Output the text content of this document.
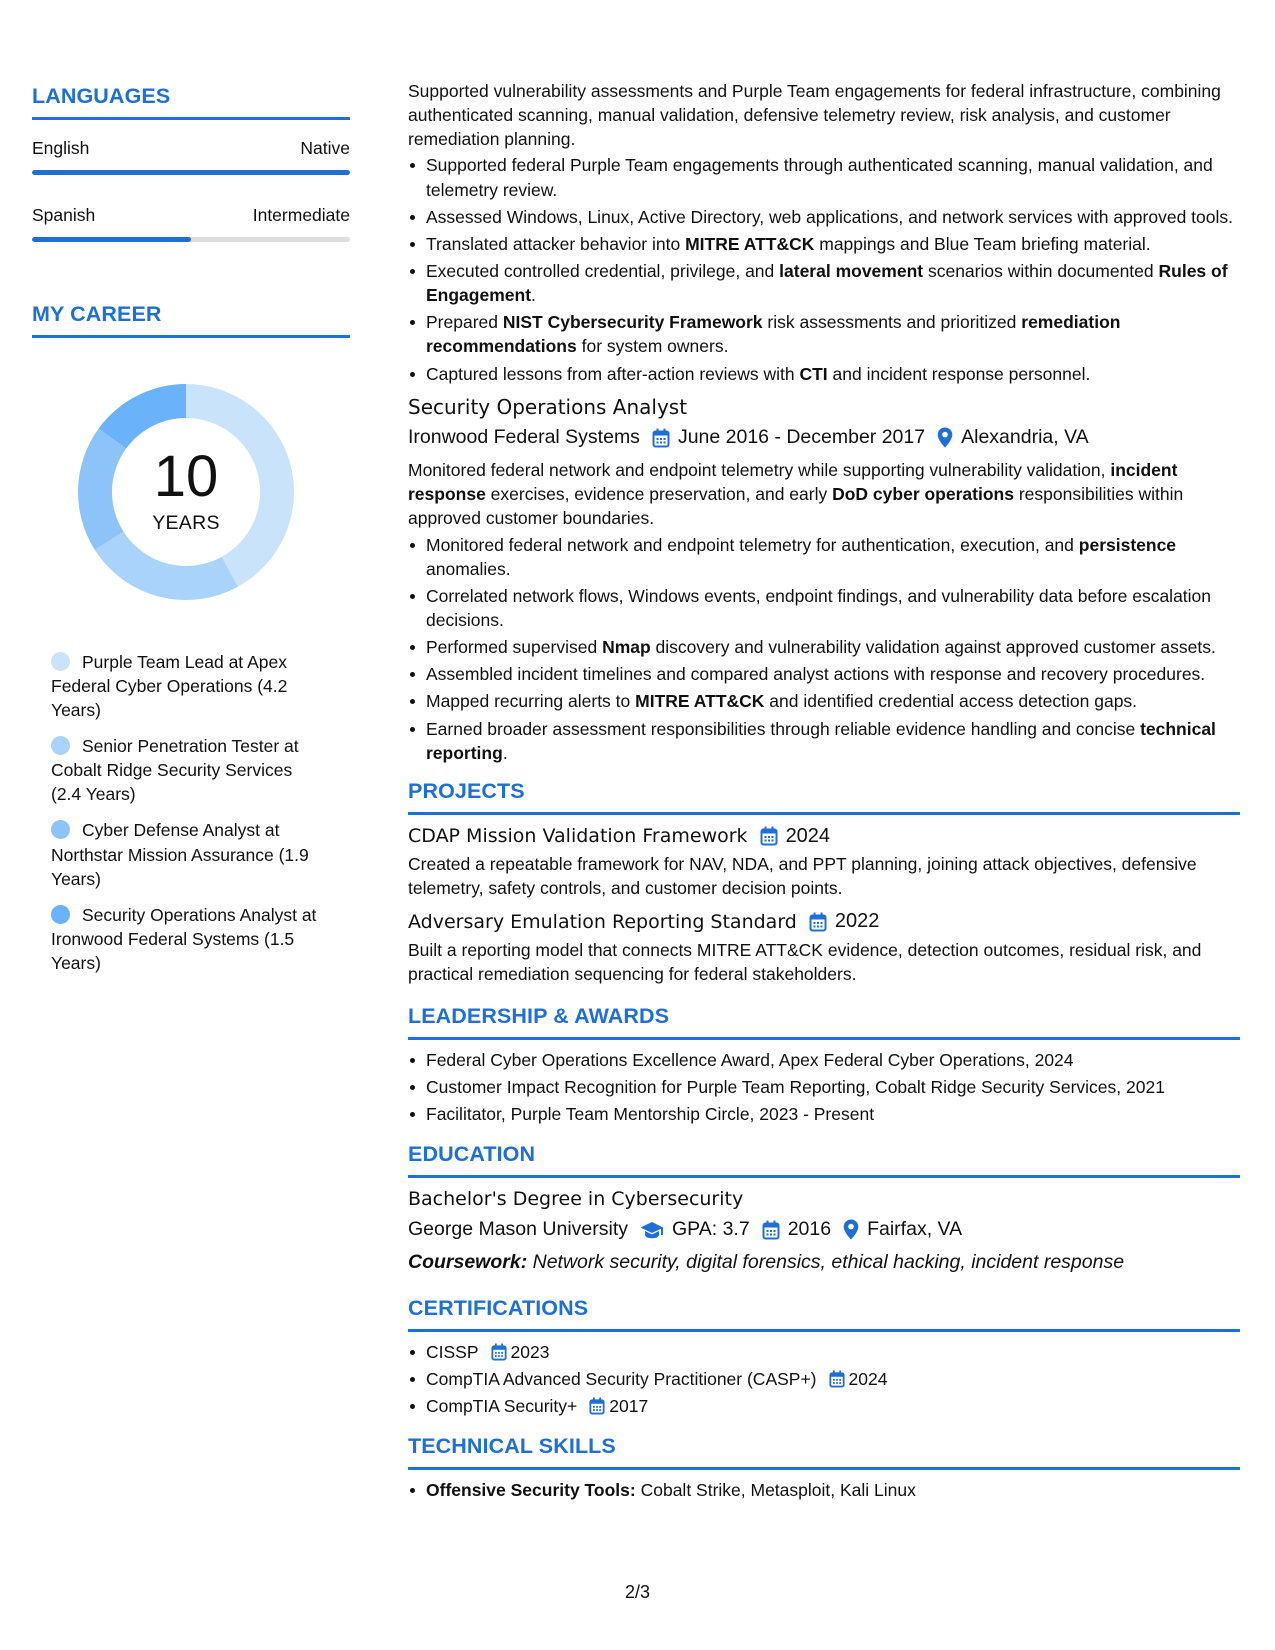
LANGUAGES
English	Native
Spanish	Intermediate
MY CAREER
10
YEARS
Purple Team Lead at Apex Federal Cyber Operations (4.2 Years)
Senior Penetration Tester at Cobalt Ridge Security Services (2.4 Years)
Cyber Defense Analyst at Northstar Mission Assurance (1.9 Years)
Security Operations Analyst at Ironwood Federal Systems (1.5 Years)

Supported vulnerability assessments and Purple Team engagements for federal infrastructure, combining authenticated scanning, manual validation, defensive telemetry review, risk analysis, and customer remediation planning.

Supported federal Purple Team engagements through authenticated scanning, manual validation, and telemetry review.
Assessed Windows, Linux, Active Directory, web applications, and network services with approved tools.
Translated attacker behavior into MITRE ATT&CK mappings and Blue Team briefing material.
Executed controlled credential, privilege, and lateral movement scenarios within documented Rules of Engagement.
Prepared NIST Cybersecurity Framework risk assessments and prioritized remediation recommendations for system owners.
Captured lessons from after-action reviews with CTI and incident response personnel.
Security Operations Analyst
Ironwood Federal Systems June 2016 - December 2017 Alexandria, VA

Monitored federal network and endpoint telemetry while supporting vulnerability validation, incident response exercises, evidence preservation, and early DoD cyber operations responsibilities within approved customer boundaries.

Monitored federal network and endpoint telemetry for authentication, execution, and persistence anomalies.
Correlated network flows, Windows events, endpoint findings, and vulnerability data before escalation decisions.
Performed supervised Nmap discovery and vulnerability validation against approved customer assets.
Assembled incident timelines and compared analyst actions with response and recovery procedures.
Mapped recurring alerts to MITRE ATT&CK and identified credential access detection gaps.
Earned broader assessment responsibilities through reliable evidence handling and concise technical reporting.
PROJECTS
CDAP Mission Validation Framework 2024
Created a repeatable framework for NAV, NDA, and PPT planning, joining attack objectives, defensive telemetry, safety controls, and customer decision points.
Adversary Emulation Reporting Standard 2022
Built a reporting model that connects MITRE ATT&CK evidence, detection outcomes, residual risk, and practical remediation sequencing for federal stakeholders.
LEADERSHIP & AWARDS
Federal Cyber Operations Excellence Award, Apex Federal Cyber Operations, 2024
Customer Impact Recognition for Purple Team Reporting, Cobalt Ridge Security Services, 2021
Facilitator, Purple Team Mentorship Circle, 2023 - Present
EDUCATION
Bachelor's Degree in Cybersecurity
George Mason University GPA: 3.7 2016 Fairfax, VA
Coursework: Network security, digital forensics, ethical hacking, incident response
CERTIFICATIONS
CISSP 2023
CompTIA Advanced Security Practitioner (CASP+) 2024
CompTIA Security+ 2017
TECHNICAL SKILLS
Offensive Security Tools: Cobalt Strike, Metasploit, Kali Linux
2/3
